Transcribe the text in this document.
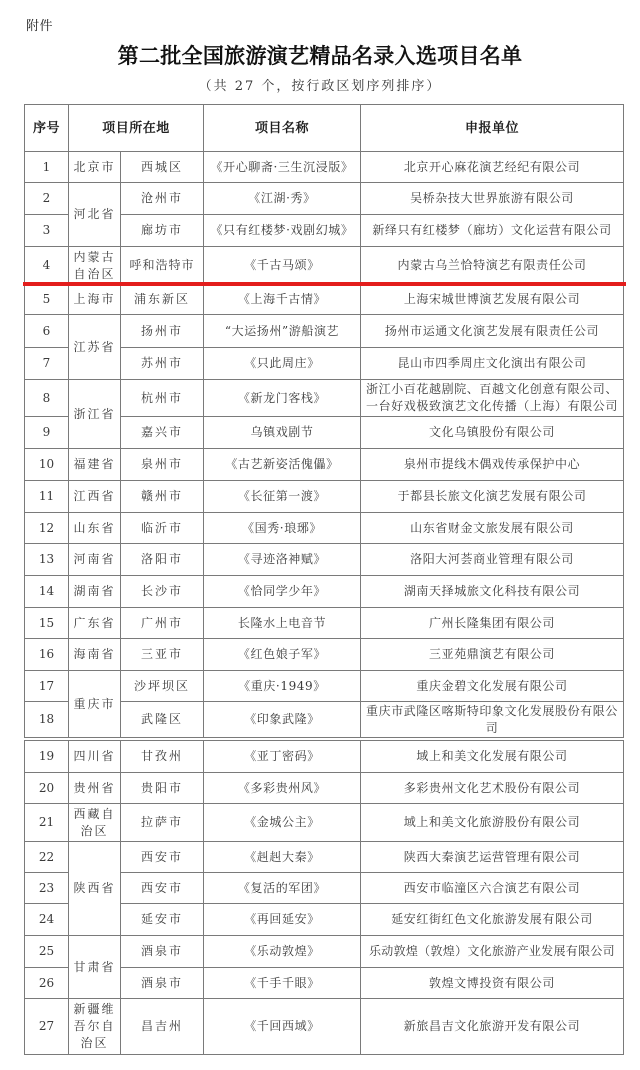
附件
第二批全国旅游演艺精品名录入选项目名单
（共 27 个，按行政区划序列排序）
序号	项目所在地		项目名称	申报单位
1	北京市	西城区	《开心聊斋·三生沉浸版》	北京开心麻花演艺经纪有限公司
2	河北省	沧州市	《江湖·秀》	吴桥杂技大世界旅游有限公司
3		廊坊市	《只有红楼梦·戏剧幻城》	新绎只有红楼梦（廊坊）文化运营有限公司
4	内蒙古自治区	呼和浩特市	《千古马颂》	内蒙古乌兰恰特演艺有限责任公司
5	上海市	浦东新区	《上海千古情》	上海宋城世博演艺发展有限公司
6	江苏省	扬州市	“大运扬州”游船演艺	扬州市运通文化演艺发展有限责任公司
7		苏州市	《只此周庄》	昆山市四季周庄文化演出有限公司
8	浙江省	杭州市	《新龙门客栈》	浙江小百花越剧院、百越文化创意有限公司、一台好戏极致演艺文化传播（上海）有限公司
9		嘉兴市	乌镇戏剧节	文化乌镇股份有限公司
10	福建省	泉州市	《古艺新姿活傀儡》	泉州市提线木偶戏传承保护中心
11	江西省	赣州市	《长征第一渡》	于都县长旅文化演艺发展有限公司
12	山东省	临沂市	《国秀·琅琊》	山东省财金文旅发展有限公司
13	河南省	洛阳市	《寻迹洛神赋》	洛阳大河荟商业管理有限公司
14	湖南省	长沙市	《恰同学少年》	湖南天择城旅文化科技有限公司
15	广东省	广州市	长隆水上电音节	广州长隆集团有限公司
16	海南省	三亚市	《红色娘子军》	三亚苑鼎演艺有限公司
17	重庆市	沙坪坝区	《重庆·1949》	重庆金碧文化发展有限公司
18		武隆区	《印象武隆》	重庆市武隆区喀斯特印象文化发展股份有限公司
19	四川省	甘孜州	《亚丁密码》	域上和美文化发展有限公司
20	贵州省	贵阳市	《多彩贵州风》	多彩贵州文化艺术股份有限公司
21	西藏自治区	拉萨市	《金城公主》	域上和美文化旅游股份有限公司
22	陕西省	西安市	《赳赳大秦》	陕西大秦演艺运营管理有限公司
23		西安市	《复活的军团》	西安市临潼区六合演艺有限公司
24		延安市	《再回延安》	延安红街红色文化旅游发展有限公司
25	甘肃省	酒泉市	《乐动敦煌》	乐动敦煌（敦煌）文化旅游产业发展有限公司
26		酒泉市	《千手千眼》	敦煌文博投资有限公司
27	新疆维吾尔自治区	昌吉州	《千回西域》	新旅昌吉文化旅游开发有限公司
